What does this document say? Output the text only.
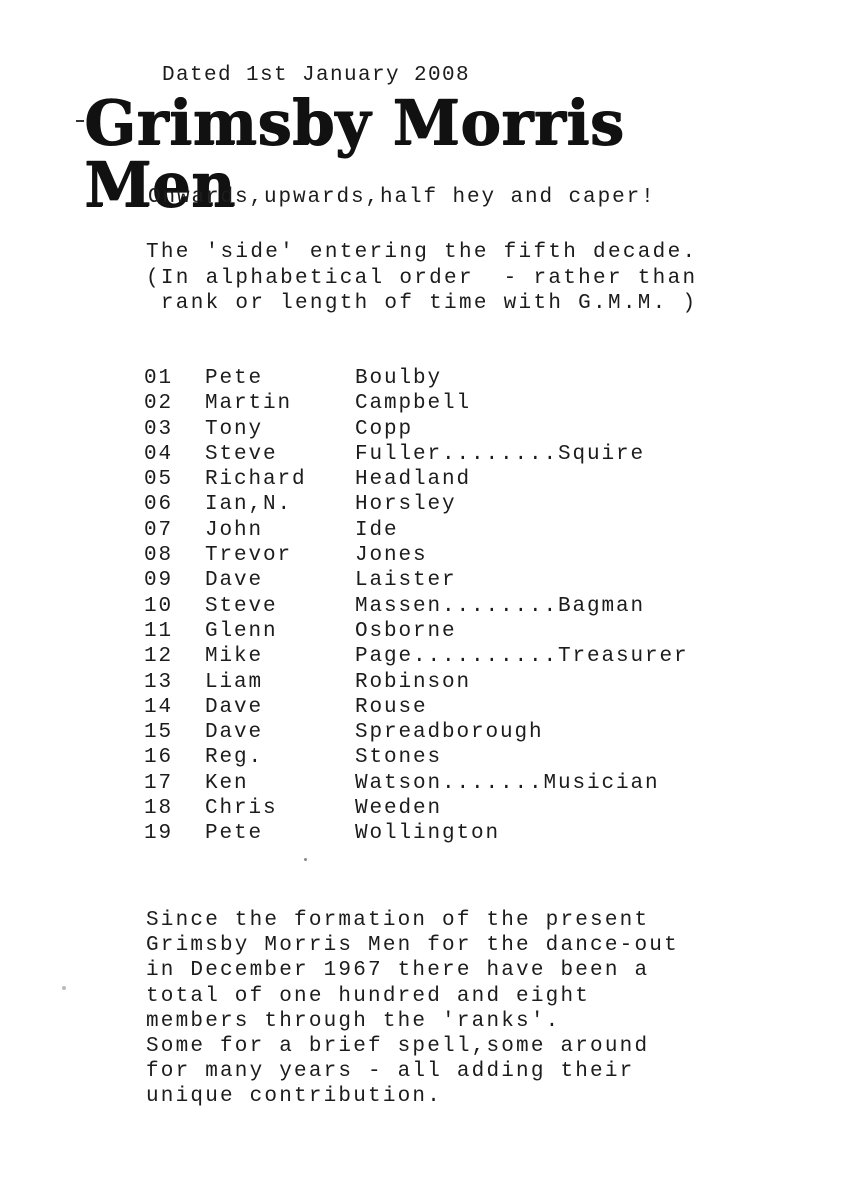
Dated 1st January 2008
Grimsby Morris Men
Onwards,upwards,half hey and caper!
The 'side' entering the fifth decade.
(In alphabetical order  - rather than
rank or length of time with G.M.M. )
01 Pete	Boulby
02 Martin	Campbell
03 Tony	Copp
04 Steve	Fuller........Squire
05 Richard Headland
06 Ian,N.	Horsley
07 John	Ide
08 Trevor	Jones
09 Dave	Laister
10 Steve	Massen........Bagman
11 Glenn	Osborne
12 Mike	Page..........Treasurer
13 Liam	Robinson
14 Dave	Rouse
15 Dave	Spreadborough
16 Reg.	Stones
17 Ken	Watson.......Musician
18 Chris	Weeden
19 Pete	Wollington
Since the formation of the present
Grimsby Morris Men for the dance-out
in December 1967 there have been a
total of one hundred and eight
members through the 'ranks'.
Some for a brief spell,some around
for many years - all adding their
unique contribution.
